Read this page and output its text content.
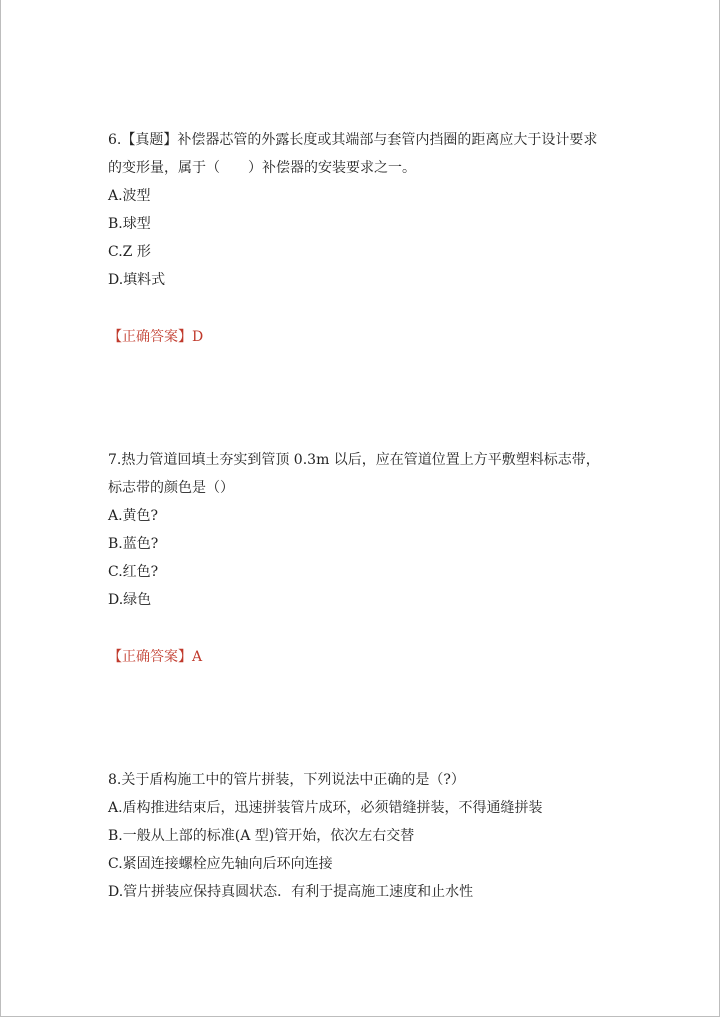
6.【真题】补偿器芯管的外露长度或其端部与套管内挡圈的距离应大于设计要求
的变形量，属于（　　）补偿器的安装要求之一。
A.波型
B.球型
C.Z 形
D.填料式
【正确答案】D
7.热力管道回填土夯实到管顶 0.3m 以后，应在管道位置上方平敷塑料标志带，
标志带的颜色是（）
A.黄色?
B.蓝色?
C.红色?
D.绿色
【正确答案】A
8.关于盾构施工中的管片拼装，下列说法中正确的是（?）
A.盾构推进结束后，迅速拼装管片成环，必须错缝拼装，不得通缝拼装
B.一般从上部的标准(A 型)管开始，依次左右交替
C.紧固连接螺栓应先轴向后环向连接
D.管片拼装应保持真圆状态．有利于提高施工速度和止水性
